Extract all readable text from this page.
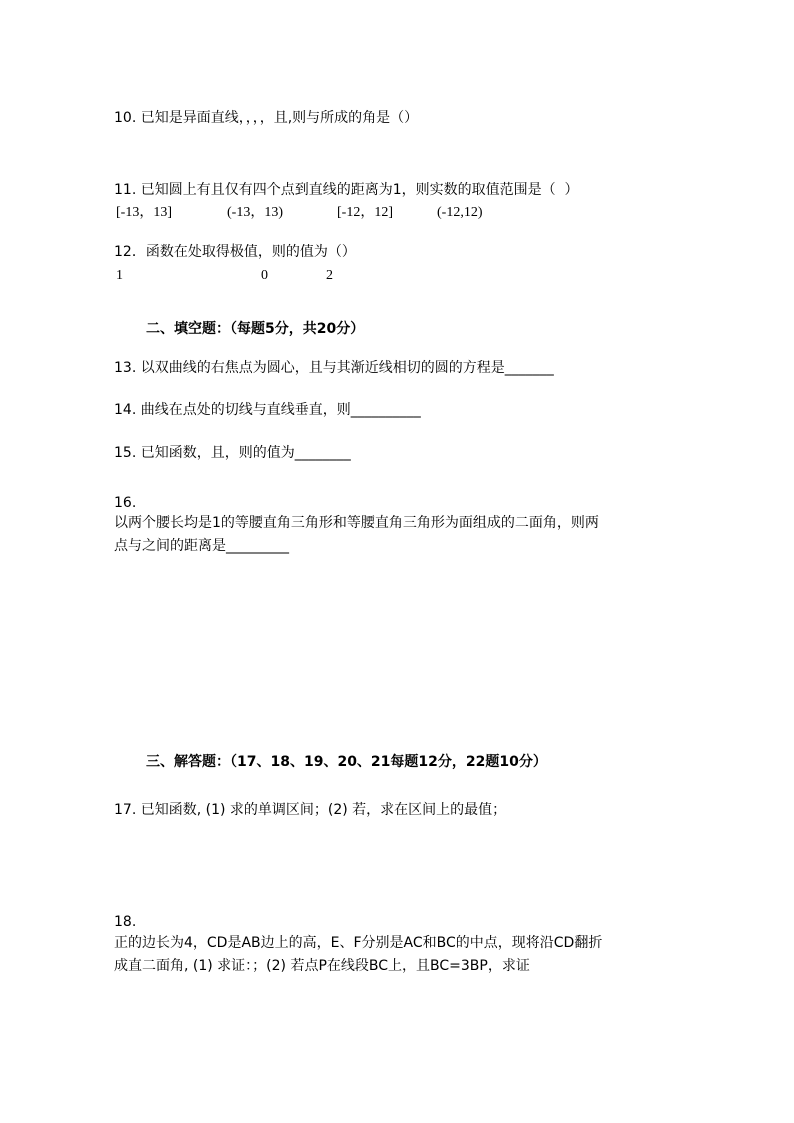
10. 已知是异面直线，，，，且,则与所成的角是（）
11. 已知圆上有且仅有四个点到直线的距离为1，则实数的取值范围是（  ）
[-13，13]	(-13，13)	[-12，12]	(-12,12)
12．函数在处取得极值，则的值为（）
1	0	2
二、填空题：（每题5分，共20分）
13. 以双曲线的右焦点为圆心，且与其渐近线相切的圆的方程是_______
14. 曲线在点处的切线与直线垂直，则__________
15. 已知函数，且，则的值为________
16.
以两个腰长均是1的等腰直角三角形和等腰直角三角形为面组成的二面角，则两
点与之间的距离是_________
三、解答题：（17、18、19、20、21每题12分，22题10分）
17. 已知函数, (1) 求的单调区间；(2) 若，求在区间上的最值；
18.
正的边长为4，CD是AB边上的高，E、F分别是AC和BC的中点，现将沿CD翻折
成直二面角, (1) 求证：；(2) 若点P在线段BC上，且BC=3BP，求证
